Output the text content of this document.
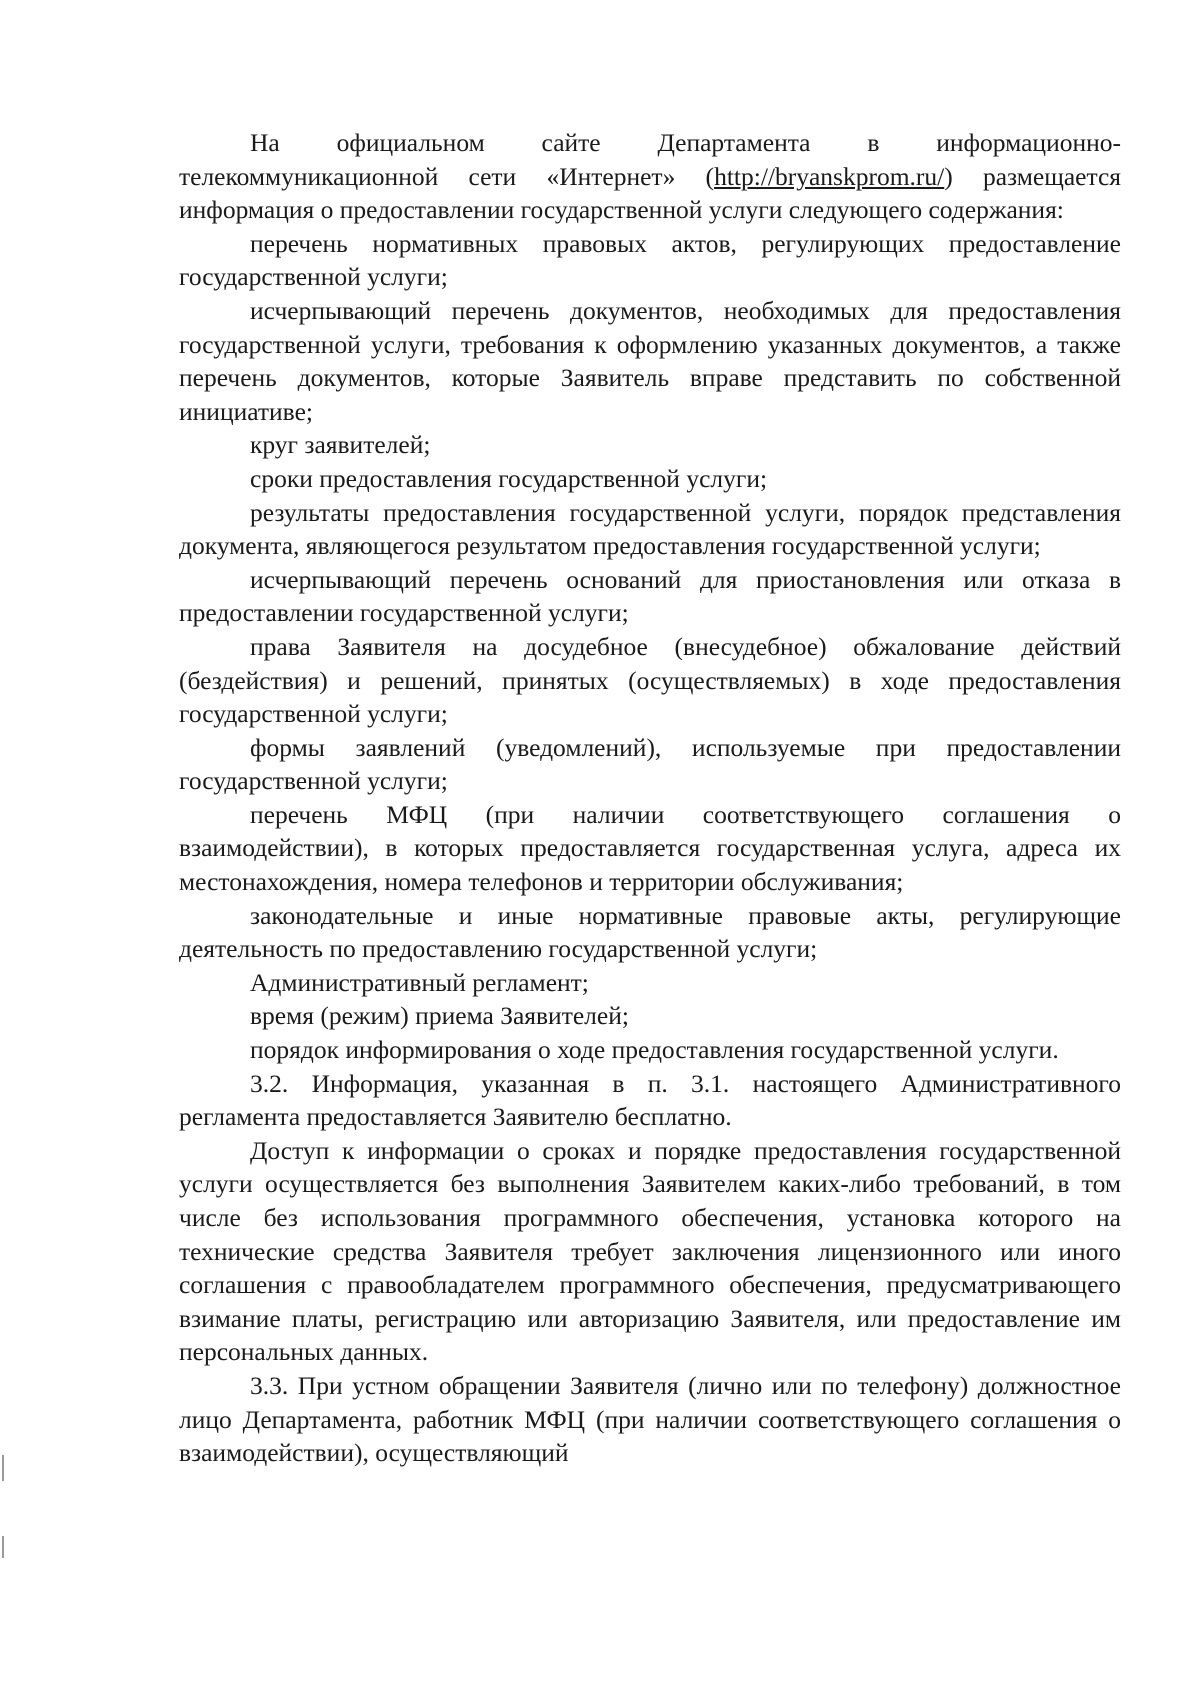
На официальном сайте Департамента в информационно-телекоммуникационной сети «Интернет» (http://bryanskprom.ru/) размещается информация о предоставлении государственной услуги следующего содержания:

перечень нормативных правовых актов, регулирующих предоставление государственной услуги;

исчерпывающий перечень документов, необходимых для предоставления государственной услуги, требования к оформлению указанных документов, а также перечень документов, которые Заявитель вправе представить по собственной инициативе;

круг заявителей;

сроки предоставления государственной услуги;

результаты предоставления государственной услуги, порядок представления документа, являющегося результатом предоставления государственной услуги;

исчерпывающий перечень оснований для приостановления или отказа в предоставлении государственной услуги;

права Заявителя на досудебное (внесудебное) обжалование действий (бездействия) и решений, принятых (осуществляемых) в ходе предоставления государственной услуги;

формы заявлений (уведомлений), используемые при предоставлении государственной услуги;

перечень МФЦ (при наличии соответствующего соглашения о взаимодействии), в которых предоставляется государственная услуга, адреса их местонахождения, номера телефонов и территории обслуживания;

законодательные и иные нормативные правовые акты, регулирующие деятельность по предоставлению государственной услуги;

Административный регламент;

время (режим) приема Заявителей;

порядок информирования о ходе предоставления государственной услуги.

3.2. Информация, указанная в п. 3.1. настоящего Административного регламента предоставляется Заявителю бесплатно.

Доступ к информации о сроках и порядке предоставления государственной услуги осуществляется без выполнения Заявителем каких-либо требований, в том числе без использования программного обеспечения, установка которого на технические средства Заявителя требует заключения лицензионного или иного соглашения с правообладателем программного обеспечения, предусматривающего взимание платы, регистрацию или авторизацию Заявителя, или предоставление им персональных данных.

3.3. При устном обращении Заявителя (лично или по телефону) должностное лицо Департамента, работник МФЦ (при наличии соответствующего соглашения о взаимодействии), осуществляющий
